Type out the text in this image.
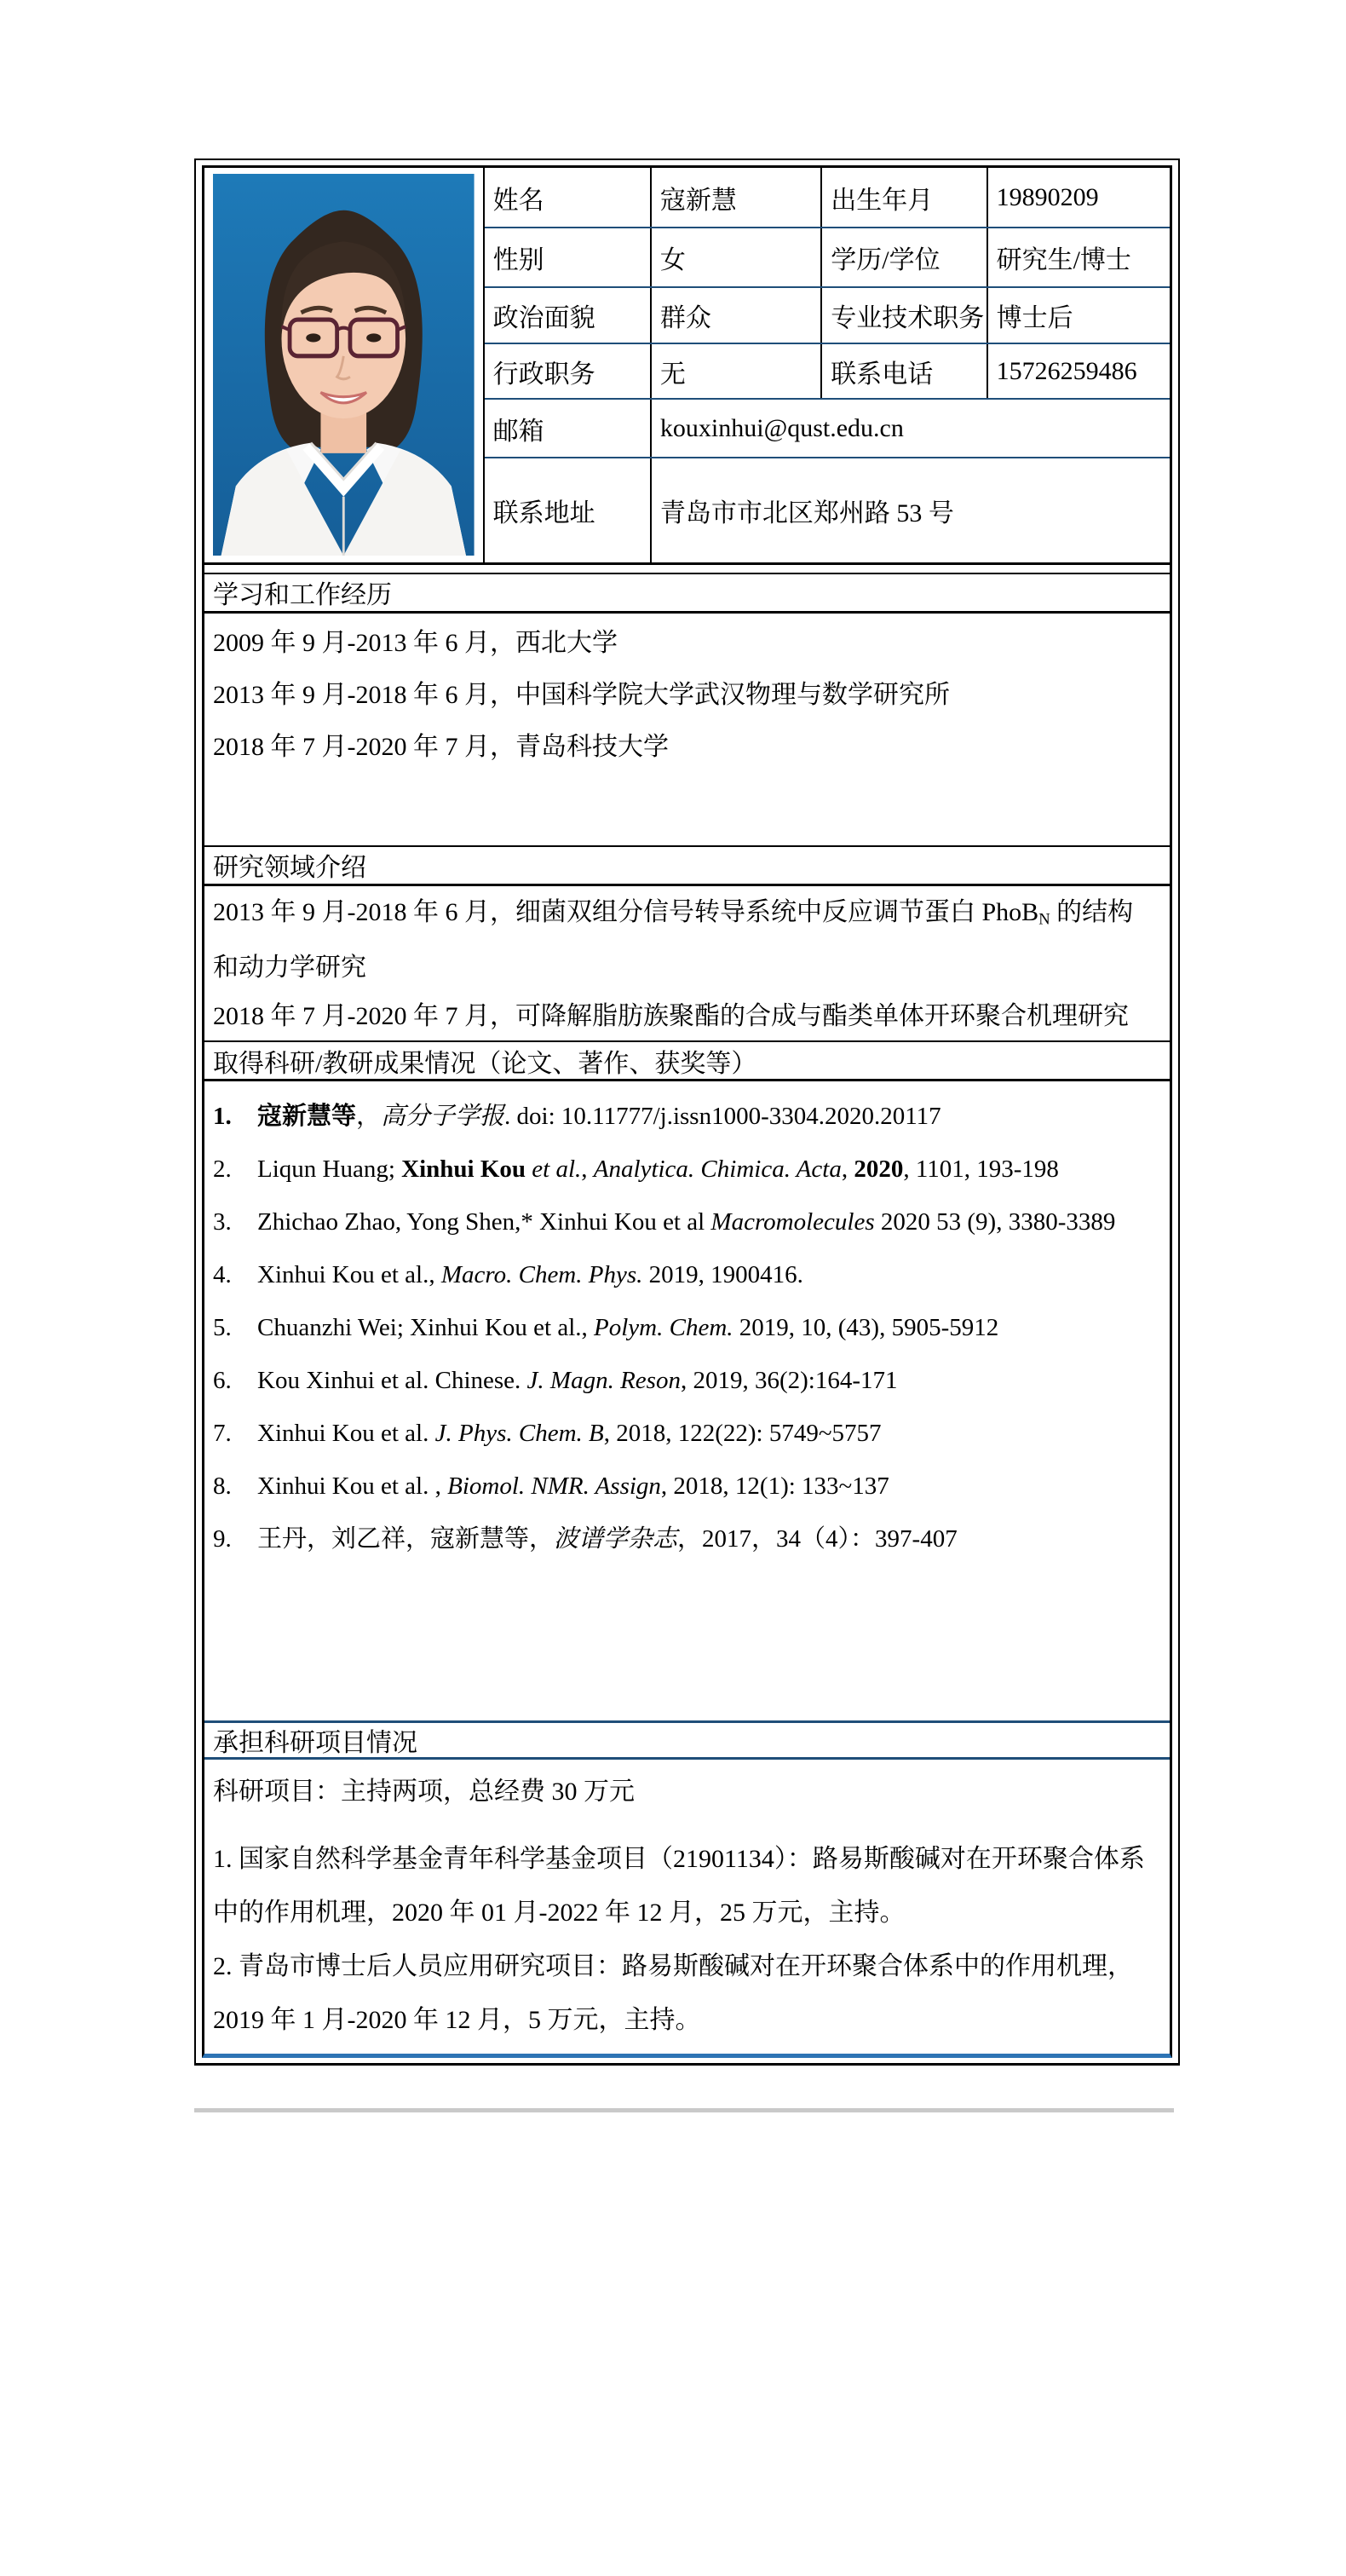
	姓名	寇新慧	出生年月	19890209
	性别	女	学历/学位	研究生/博士
	政治面貌	群众	专业技术职务	博士后
	行政职务	无	联系电话	15726259486
	邮箱	kouxinhui@qust.edu.cn		
	联系地址	青岛市市北区郑州路 53 号		
学习和工作经历

2009 年 9 月-2013 年 6 月，西北大学

2013 年 9 月-2018 年 6 月，中国科学院大学武汉物理与数学研究所

2018 年 7 月-2020 年 7 月，青岛科技大学

研究领域介绍

2013 年 9 月-2018 年 6 月，细菌双组分信号转导系统中反应调节蛋白 PhoB$_N$ 的结构和动力学研究

2018 年 7 月-2020 年 7 月，可降解脂肪族聚酯的合成与酯类单体开环聚合机理研究

取得科研/教研成果情况（论文、著作、获奖等）
1.	寇新慧等，高分子学报. doi: 10.11777/j.issn1000-3304.2020.20117
2.	Liqun Huang; Xinhui Kou et al., Analytica. Chimica. Acta, 2020, 1101, 193-198
3.	Zhichao Zhao, Yong Shen,* Xinhui Kou et al Macromolecules 2020 53 (9), 3380-3389
4.	Xinhui Kou et al., Macro. Chem. Phys. 2019, 1900416.
5.	Chuanzhi Wei; Xinhui Kou et al., Polym. Chem. 2019, 10, (43), 5905-5912
6.	Kou Xinhui et al. Chinese. J. Magn. Reson, 2019, 36(2):164-171
7.	Xinhui Kou et al. J. Phys. Chem. B, 2018, 122(22): 5749~5757
8.	Xinhui Kou et al. , Biomol. NMR. Assign, 2018, 12(1): 133~137
9.	王丹，刘乙祥，寇新慧等，波谱学杂志，2017，34（4）：397-407
承担科研项目情况

科研项目：主持两项，总经费 30 万元

1. 国家自然科学基金青年科学基金项目（21901134）：路易斯酸碱对在开环聚合体系中的作用机理，2020 年 01 月-2022 年 12 月，25 万元，主持。

2. 青岛市博士后人员应用研究项目：路易斯酸碱对在开环聚合体系中的作用机理，2019 年 1 月-2020 年 12 月，5 万元，主持。
